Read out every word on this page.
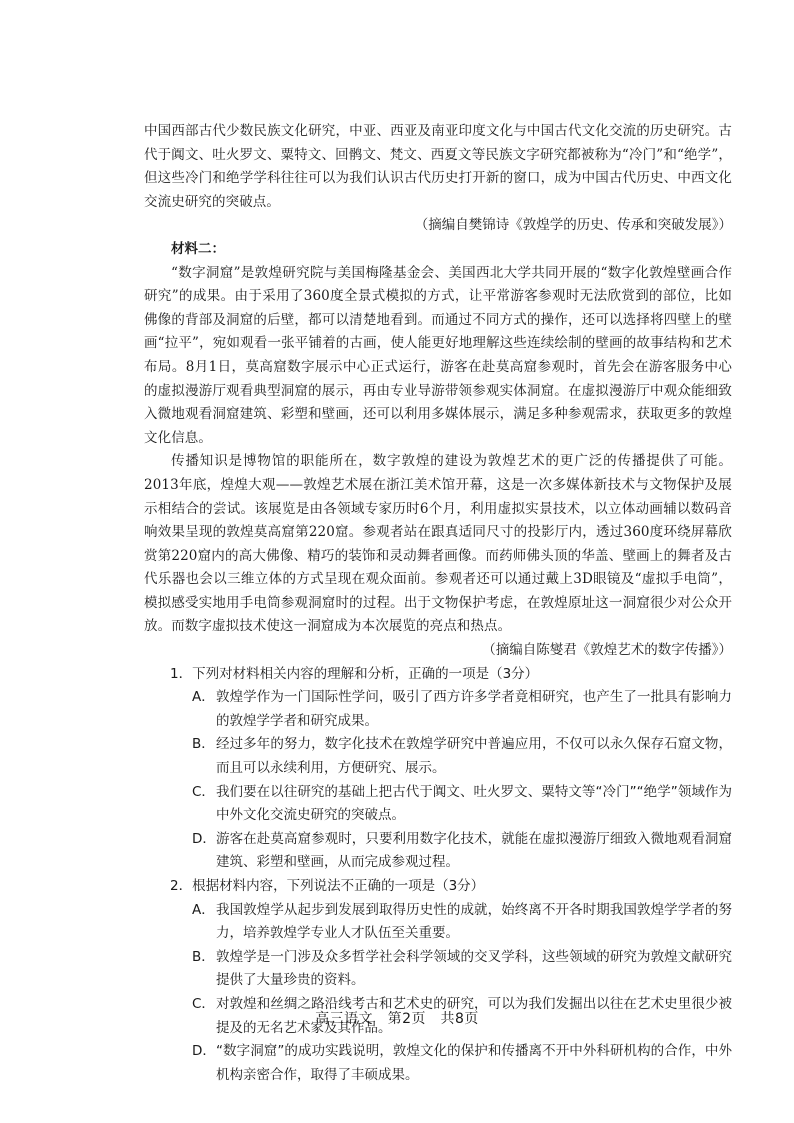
中国西部古代少数民族文化研究，中亚、西亚及南亚印度文化与中国古代文化交流的历史研究。古代于阗文、吐火罗文、粟特文、回鹘文、梵文、西夏文等民族文字研究都被称为“冷门”和“绝学”，但这些冷门和绝学学科往往可以为我们认识古代历史打开新的窗口，成为中国古代历史、中西文化交流史研究的突破点。

（摘编自樊锦诗《敦煌学的历史、传承和突破发展》）

材料二：

“数字洞窟”是敦煌研究院与美国梅隆基金会、美国西北大学共同开展的“数字化敦煌壁画合作研究”的成果。由于采用了360度全景式模拟的方式，让平常游客参观时无法欣赏到的部位，比如佛像的背部及洞窟的后壁，都可以清楚地看到。而通过不同方式的操作，还可以选择将四壁上的壁画“拉平”，宛如观看一张平铺着的古画，使人能更好地理解这些连续绘制的壁画的故事结构和艺术布局。8月1日，莫高窟数字展示中心正式运行，游客在赴莫高窟参观时，首先会在游客服务中心的虚拟漫游厅观看典型洞窟的展示，再由专业导游带领参观实体洞窟。在虚拟漫游厅中观众能细致入微地观看洞窟建筑、彩塑和壁画，还可以利用多媒体展示，满足多种参观需求，获取更多的敦煌文化信息。

传播知识是博物馆的职能所在，数字敦煌的建设为敦煌艺术的更广泛的传播提供了可能。2013年底，煌煌大观——敦煌艺术展在浙江美术馆开幕，这是一次多媒体新技术与文物保护及展示相结合的尝试。该展览是由各领域专家历时6个月，利用虚拟实景技术，以立体动画辅以数码音响效果呈现的敦煌莫高窟第220窟。参观者站在跟真适同尺寸的投影厅内，透过360度环绕屏幕欣赏第220窟内的高大佛像、精巧的装饰和灵动舞者画像。而药师佛头顶的华盖、壁画上的舞者及古代乐器也会以三维立体的方式呈现在观众面前。参观者还可以通过戴上3D眼镜及“虚拟手电筒”，模拟感受实地用手电筒参观洞窟时的过程。出于文物保护考虑，在敦煌原址这一洞窟很少对公众开放。而数字虚拟技术使这一洞窟成为本次展览的亮点和热点。

（摘编自陈燮君《敦煌艺术的数字传播》）

1．下列对材料相关内容的理解和分析，正确的一项是（3分）

A． 敦煌学作为一门国际性学问，吸引了西方许多学者竟相研究，也产生了一批具有影响力的敦煌学学者和研究成果。
B． 经过多年的努力，数字化技术在敦煌学研究中普遍应用，不仅可以永久保存石窟文物，而且可以永续利用，方便研究、展示。
C． 我们要在以往研究的基础上把古代于阗文、吐火罗文、粟特文等“冷门”“绝学”领域作为中外文化交流史研究的突破点。
D． 游客在赴莫高窟参观时，只要利用数字化技术，就能在虚拟漫游厅细致入微地观看洞窟建筑、彩塑和壁画，从而完成参观过程。

2．根据材料内容，下列说法不正确的一项是（3分）

A． 我国敦煌学从起步到发展到取得历史性的成就，始终离不开各时期我国敦煌学学者的努力，培养敦煌学专业人才队伍至关重要。
B． 敦煌学是一门涉及众多哲学社会科学领域的交叉学科，这些领域的研究为敦煌文献研究提供了大量珍贵的资料。
C． 对敦煌和丝绸之路沿线考古和艺术史的研究，可以为我们发掘出以往在艺术史里很少被提及的无名艺术家及其作品。
D． “数字洞窟”的成功实践说明，敦煌文化的保护和传播离不开中外科研机构的合作，中外机构亲密合作，取得了丰硕成果。
高三语文　第2页　共8页
